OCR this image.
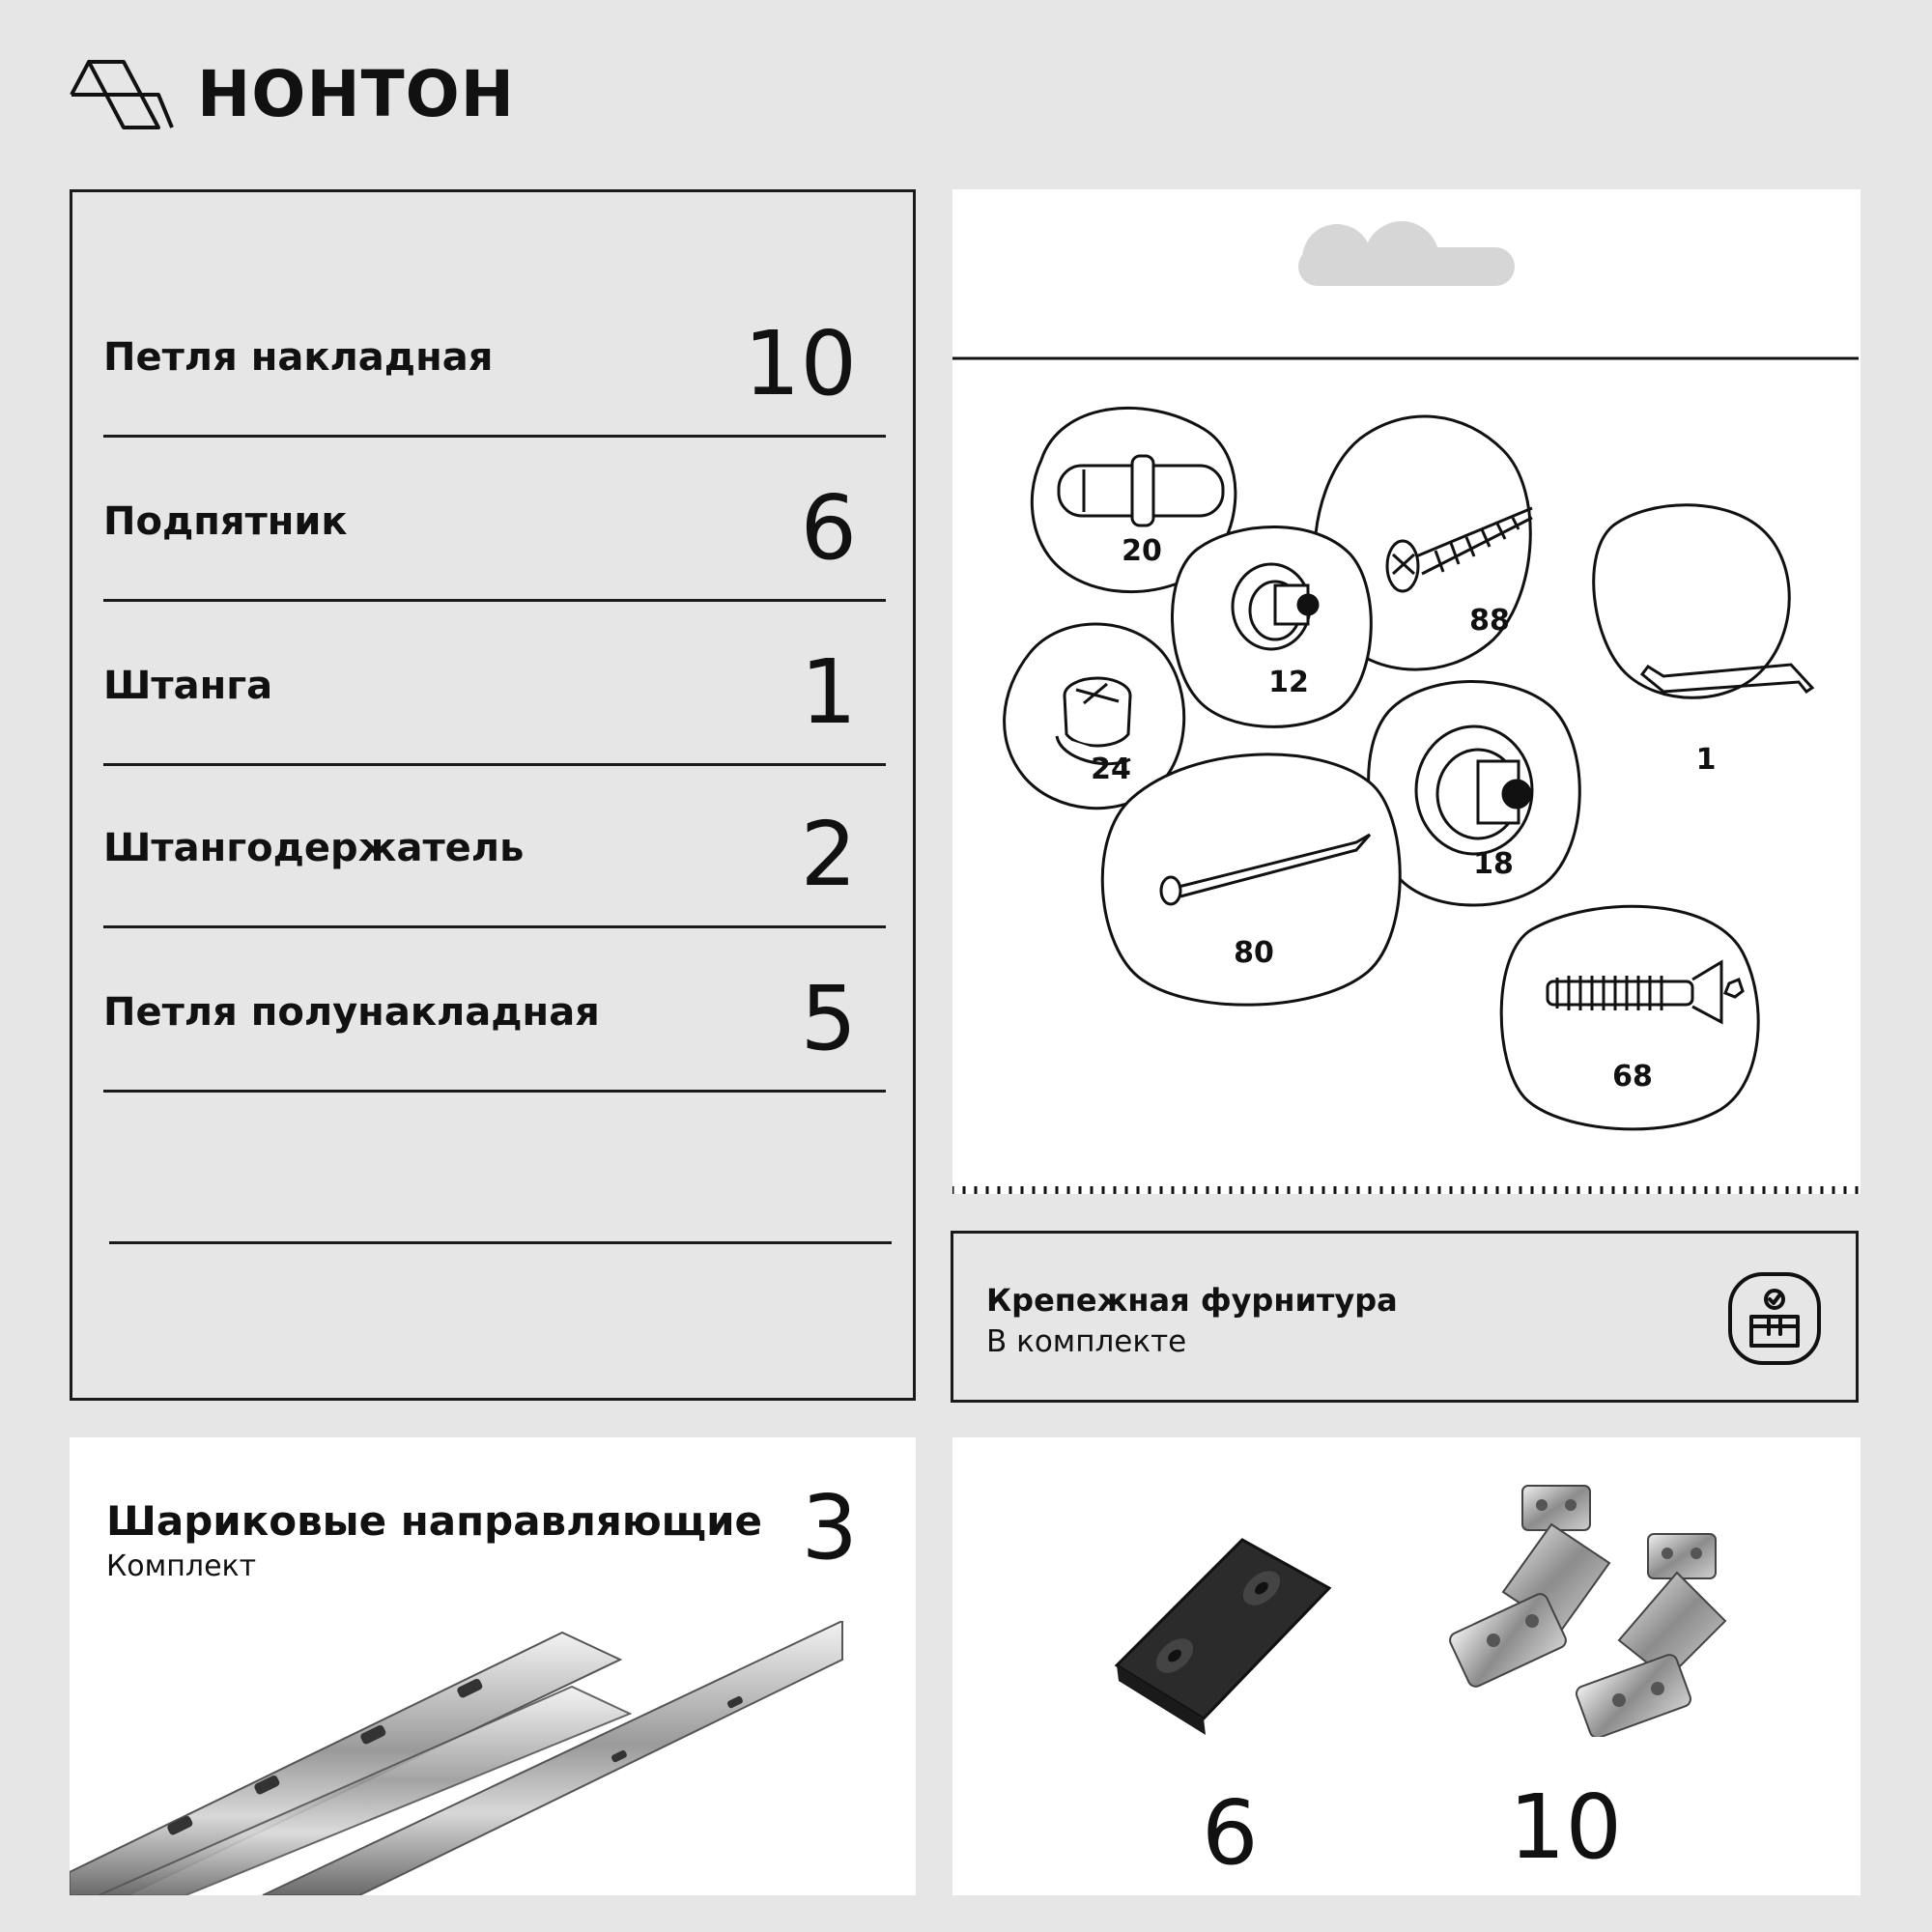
НОНТОН
Петля накладная	10
Подпятник	6
Штанга	1
Штангодержатель	2
Петля полунакладная 5
20
12
88
24	1
18
80
68
Крепежная фурнитура
В комплекте
Шариковые направляющие
Комплект	3
6	10
